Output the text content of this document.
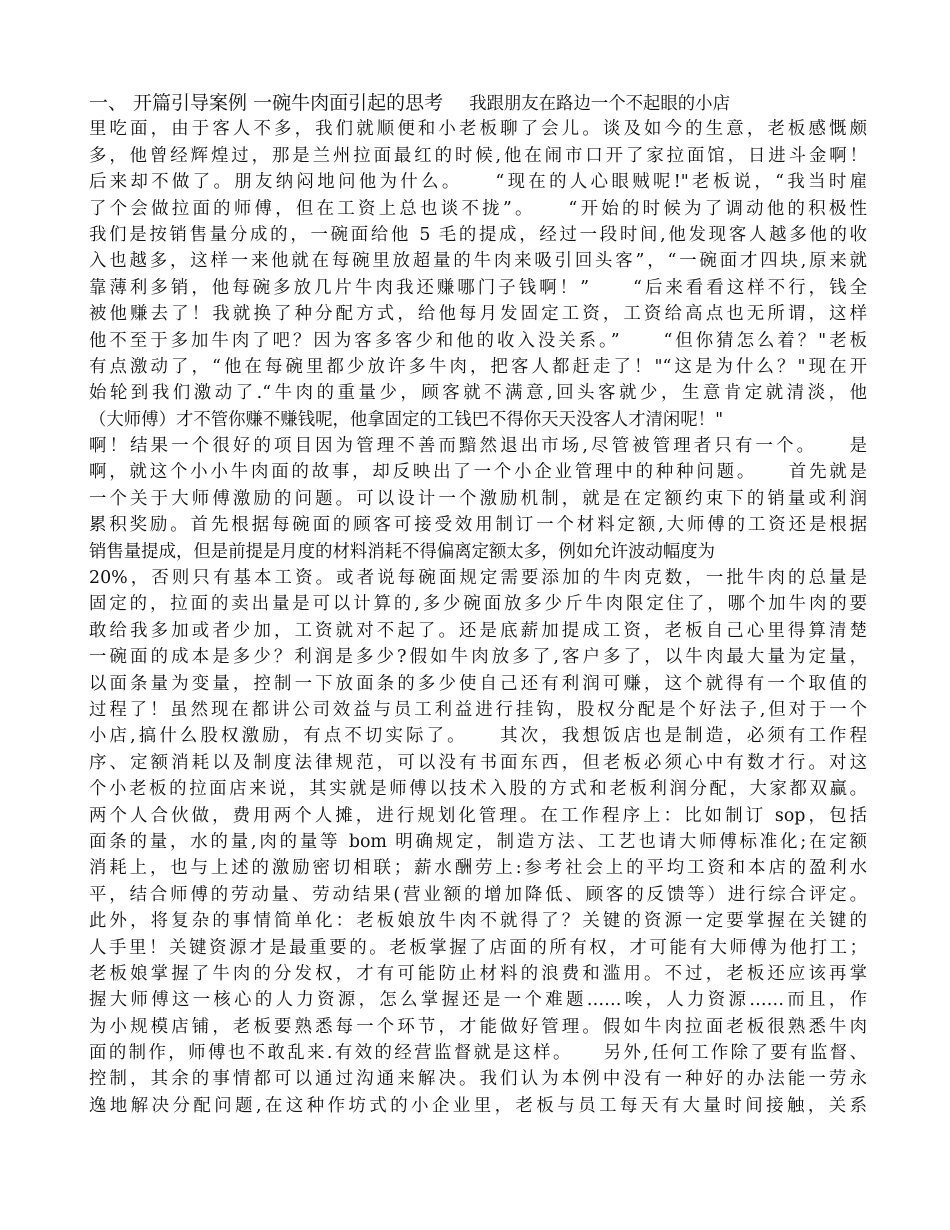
一、 开篇引导案例 一碗牛肉面引起的思考 我跟朋友在路边一个不起眼的小店
里吃面，由于客人不多，我们就顺便和小老板聊了会儿。谈及如今的生意，老板感慨颇
多，他曾经辉煌过，那是兰州拉面最红的时候,他在闹市口开了家拉面馆，日进斗金啊！
后来却不做了。朋友纳闷地问他为什么。　　“现在的人心眼贼呢!"老板说，“我当时雇
了个会做拉面的师傅，但在工资上总也谈不拢”。　　“开始的时候为了调动他的积极性
我们是按销售量分成的，一碗面给他 5 毛的提成，经过一段时间,他发现客人越多他的收
入也越多，这样一来他就在每碗里放超量的牛肉来吸引回头客”，“一碗面才四块,原来就
靠薄利多销，他每碗多放几片牛肉我还赚哪门子钱啊！”　　“后来看看这样不行，钱全
被他赚去了！我就换了种分配方式，给他每月发固定工资，工资给高点也无所谓，这样
他不至于多加牛肉了吧？因为客多客少和他的收入没关系。”　　“但你猜怎么着？"老板
有点激动了，“他在每碗里都少放许多牛肉，把客人都赶走了！"“这是为什么？"现在开
始轮到我们激动了.“牛肉的重量少，顾客就不满意,回头客就少，生意肯定就清淡，他
（大师傅）才不管你赚不赚钱呢，他拿固定的工钱巴不得你天天没客人才清闲呢！"
啊！结果一个很好的项目因为管理不善而黯然退出市场,尽管被管理者只有一个。　　是
啊，就这个小小牛肉面的故事，却反映出了一个小企业管理中的种种问题。　　首先就是
一个关于大师傅激励的问题。可以设计一个激励机制，就是在定额约束下的销量或利润
累积奖励。首先根据每碗面的顾客可接受效用制订一个材料定额,大师傅的工资还是根据
销售量提成，但是前提是月度的材料消耗不得偏离定额太多，例如允许波动幅度为
20%，否则只有基本工资。或者说每碗面规定需要添加的牛肉克数，一批牛肉的总量是
固定的，拉面的卖出量是可以计算的,多少碗面放多少斤牛肉限定住了，哪个加牛肉的要
敢给我多加或者少加，工资就对不起了。还是底薪加提成工资，老板自己心里得算清楚
一碗面的成本是多少？利润是多少?假如牛肉放多了,客户多了，以牛肉最大量为定量，
以面条量为变量，控制一下放面条的多少使自己还有利润可赚，这个就得有一个取值的
过程了！虽然现在都讲公司效益与员工利益进行挂钩，股权分配是个好法子,但对于一个
小店,搞什么股权激励，有点不切实际了。　　其次，我想饭店也是制造，必须有工作程
序、定额消耗以及制度法律规范，可以没有书面东西，但老板必须心中有数才行。对这
个小老板的拉面店来说，其实就是师傅以技术入股的方式和老板利润分配，大家都双赢。
两个人合伙做，费用两个人摊，进行规划化管理。在工作程序上：比如制订 sop，包括
面条的量，水的量,肉的量等 bom 明确规定，制造方法、工艺也请大师傅标准化;在定额
消耗上，也与上述的激励密切相联；薪水酬劳上:参考社会上的平均工资和本店的盈利水
平，结合师傅的劳动量、劳动结果(营业额的增加降低、顾客的反馈等）进行综合评定。
此外，将复杂的事情简单化：老板娘放牛肉不就得了？关键的资源一定要掌握在关键的
人手里！关键资源才是最重要的。老板掌握了店面的所有权，才可能有大师傅为他打工；
老板娘掌握了牛肉的分发权，才有可能防止材料的浪费和滥用。不过，老板还应该再掌
握大师傅这一核心的人力资源，怎么掌握还是一个难题……唉，人力资源……而且，作
为小规模店铺，老板要熟悉每一个环节，才能做好管理。假如牛肉拉面老板很熟悉牛肉
面的制作，师傅也不敢乱来.有效的经营监督就是这样。　　另外,任何工作除了要有监督、
控制，其余的事情都可以通过沟通来解决。我们认为本例中没有一种好的办法能一劳永
逸地解决分配问题,在这种作坊式的小企业里，老板与员工每天有大量时间接触，关系
